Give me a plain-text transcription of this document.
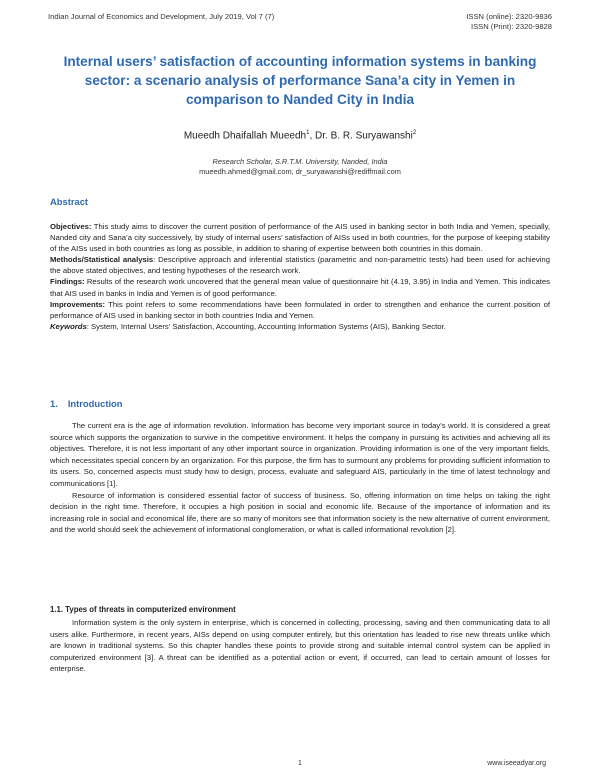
Indian Journal of Economics and Development, July 2019, Vol 7 (7)	ISSN (online): 2320-9836
ISSN (Print): 2320-9828
Internal users’ satisfaction of accounting information systems in banking sector: a scenario analysis of performance Sana’a city in Yemen in comparison to Nanded City in India
Mueedh Dhaifallah Mueedh$^1$, Dr. B. R. Suryawanshi$^2$
Research Scholar, S.R.T.M. University, Nanded, India
mueedh.ahmed@gmail.com, dr_suryawanshi@rediffmail.com
Abstract

Objectives: This study aims to discover the current position of performance of the AIS used in banking sector in both India and Yemen, specially, Nanded city and Sana’a city successively, by study of internal users’ satisfaction of AISs used in both countries, for the purpose of keeping stability of the AISs used in both countries as long as possible, in addition to sharing of expertise between both countries in this domain.

Methods/Statistical analysis: Descriptive approach and inferential statistics (parametric and non-parametric tests) had been used for achieving the above stated objectives, and testing hypotheses of the research work.

Findings: Results of the research work uncovered that the general mean value of questionnaire hit (4.19, 3.95) in India and Yemen. This indicates that AIS used in banks in India and Yemen is of good performance.

Improvements: This point refers to some recommendations have been formulated in order to strengthen and enhance the current position of performance of AIS used in banking sector in both countries India and Yemen.

Keywords: System, Internal Users’ Satisfaction, Accounting, Accounting Information Systems (AIS), Banking Sector.

1. Introduction

The current era is the age of information revolution. Information has become very important source in today’s world. It is considered a great source which supports the organization to survive in the competitive environment. It helps the company in pursuing its activities and achieving all its objectives. Therefore, it is not less important of any other important source in organization. Providing information is one of the very important fields, which necessitates special concern by an organization. For this purpose, the firm has to surmount any problems for providing sufficient information to its users. So, concerned aspects must study how to design, process, evaluate and safeguard AIS, particularly in the time of latest technology and communications [1].

Resource of information is considered essential factor of success of business. So, offering information on time helps on taking the right decision in the right time. Therefore, it occupies a high position in social and economic life. Because of the importance of information and its increasing role in social and economical life, there are so many of monitors see that information society is the new alternative of current environment, and the world should seek the achievement of informational conglomeration, or what is called informational revolution [2].

1.1. Types of threats in computerized environment

Information system is the only system in enterprise, which is concerned in collecting, processing, saving and then communicating data to all users alike. Furthermore, in recent years, AISs depend on using computer entirely, but this orientation has leaded to rise new threats unlike which are known in traditional systems. So this chapter handles these points to provide strong and suitable internal control system can be applied in computerized environment [3]. A threat can be identified as a potential action or event, if occurred, can lead to certain amount of losses for enterprise.

1	www.iseeadyar.org
